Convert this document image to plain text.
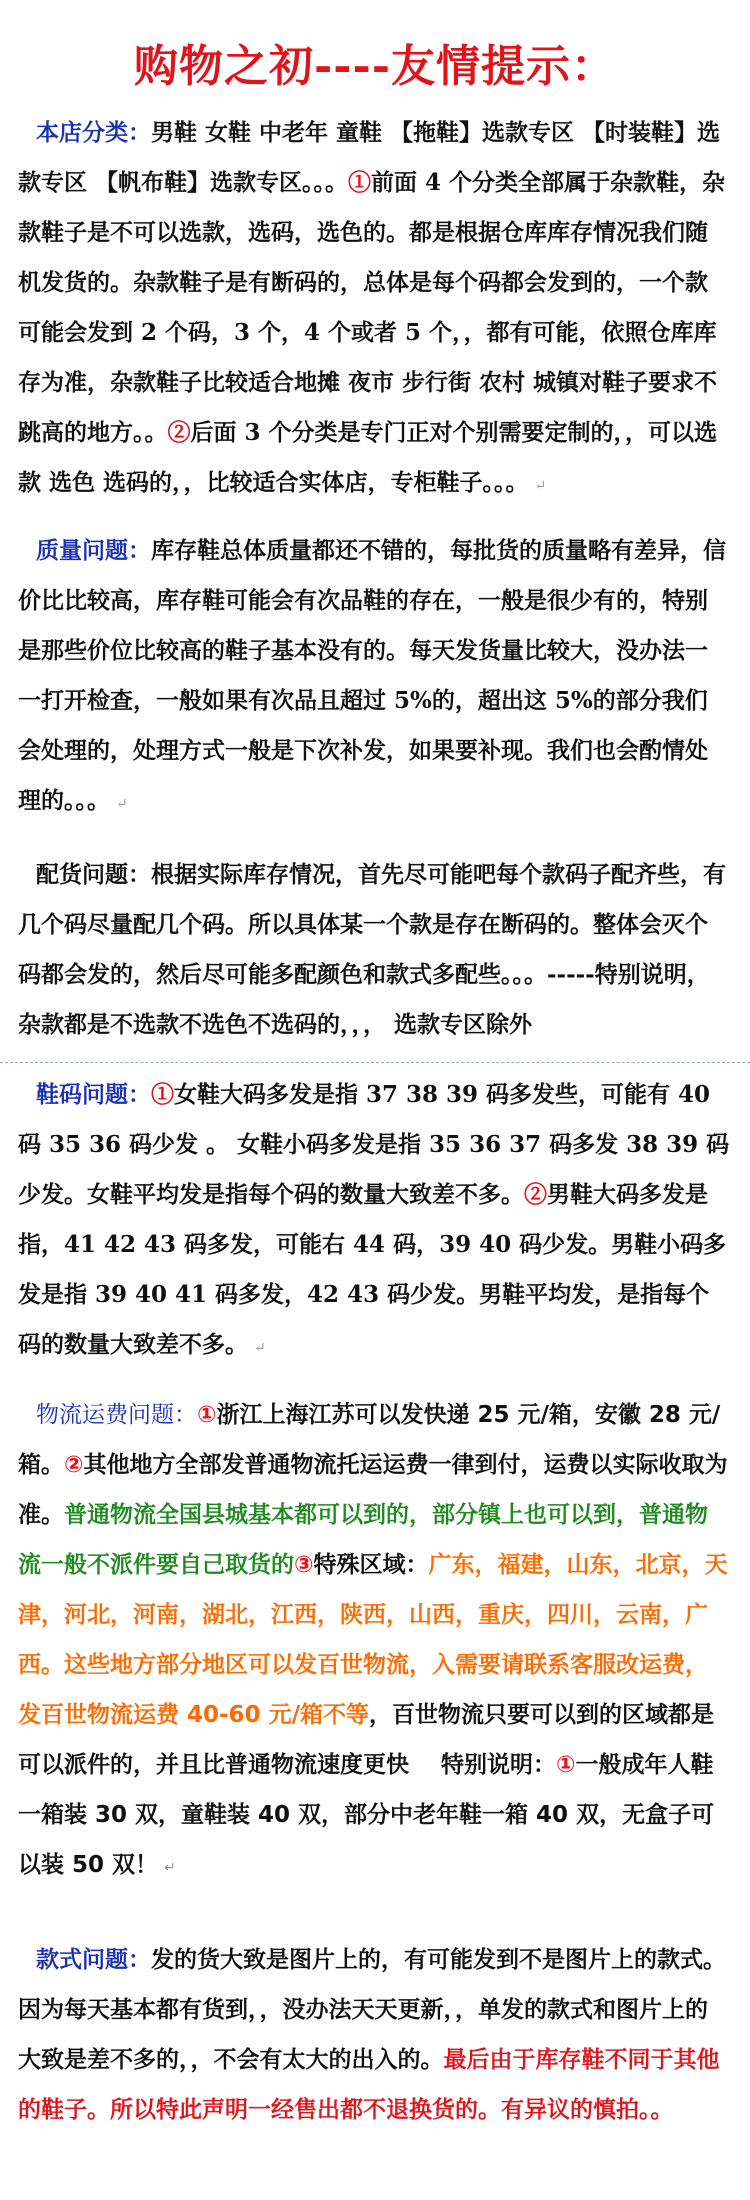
购物之初----友情提示：
本店分类：男鞋 女鞋 中老年 童鞋 【拖鞋】选款专区 【时装鞋】选款专区 【帆布鞋】选款专区。。。①前面 4 个分类全部属于杂款鞋，杂款鞋子是不可以选款，选码，选色的。都是根据仓库库存情况我们随机发货的。杂款鞋子是有断码的，总体是每个码都会发到的，一个款可能会发到 2 个码，3 个，4 个或者 5 个，，都有可能，依照仓库库存为准，杂款鞋子比较适合地摊 夜市 步行街 农村 城镇对鞋子要求不跳高的地方。。②后面 3 个分类是专门正对个别需要定制的，，可以选款 选色 选码的，，比较适合实体店，专柜鞋子。。。 ↵
质量问题：库存鞋总体质量都还不错的，每批货的质量略有差异，信价比比较高，库存鞋可能会有次品鞋的存在，一般是很少有的，特别是那些价位比较高的鞋子基本没有的。每天发货量比较大，没办法一一打开检查，一般如果有次品且超过 5%的，超出这 5%的部分我们会处理的，处理方式一般是下次补发，如果要补现。我们也会酌情处理的。。。 ↵
配货问题：根据实际库存情况，首先尽可能吧每个款码子配齐些，有几个码尽量配几个码。所以具体某一个款是存在断码的。整体会灭个码都会发的，然后尽可能多配颜色和款式多配些。。。-----特别说明，杂款都是不选款不选色不选码的，，， 选款专区除外
鞋码问题：①女鞋大码多发是指 37 38 39 码多发些，可能有 40 码 35 36 码少发 。 女鞋小码多发是指 35 36 37 码多发 38 39 码少发。女鞋平均发是指每个码的数量大致差不多。②男鞋大码多发是指，41 42 43 码多发，可能右 44 码，39 40 码少发。男鞋小码多发是指 39 40 41 码多发，42 43 码少发。男鞋平均发，是指每个码的数量大致差不多。 ↵
物流运费问题：①浙江上海江苏可以发快递 25 元/箱，安徽 28 元/箱。②其他地方全部发普通物流托运运费一律到付，运费以实际收取为准。普通物流全国县城基本都可以到的，部分镇上也可以到，普通物流一般不派件要自己取货的③特殊区域：广东，福建，山东，北京，天津，河北，河南，湖北，江西，陕西，山西，重庆，四川，云南，广西。这些地方部分地区可以发百世物流，入需要请联系客服改运费，发百世物流运费 40-60 元/箱不等，百世物流只要可以到的区域都是可以派件的，并且比普通物流速度更快 特别说明：①一般成年人鞋一箱装 30 双，童鞋装 40 双，部分中老年鞋一箱 40 双，无盒子可以装 50 双！ ↵
款式问题：发的货大致是图片上的，有可能发到不是图片上的款式。因为每天基本都有货到，，没办法天天更新，，单发的款式和图片上的大致是差不多的，，不会有太大的出入的。最后由于库存鞋不同于其他的鞋子。所以特此声明一经售出都不退换货的。有异议的慎拍。。
